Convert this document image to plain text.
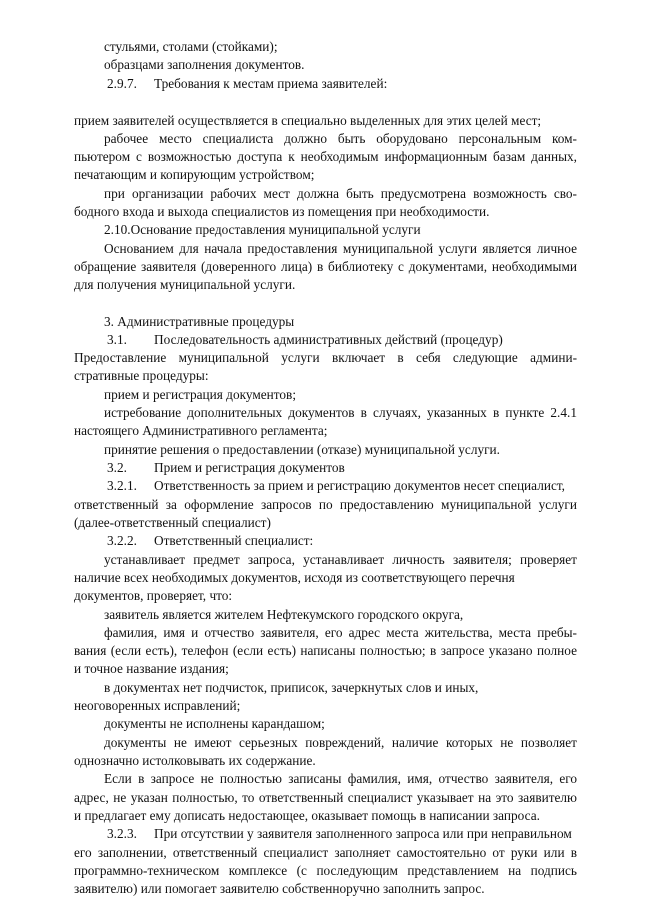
стульями, столами (стойками);
образцами заполнения документов.
2.9.7. Требования к местам приема заявителей:
прием заявителей осуществляется в специально выделенных для этих целей мест;
рабочее место специалиста должно быть оборудовано персональным ком-
пьютером с возможностью доступа к необходимым информационным базам данных,
печатающим и копирующим устройством;
при организации рабочих мест должна быть предусмотрена возможность сво-
бодного входа и выхода специалистов из помещения при необходимости.
2.10.Основание предоставления муниципальной услуги
Основанием для начала предоставления муниципальной услуги является личное
обращение заявителя (доверенного лица) в библиотеку с документами, необходимыми
для получения муниципальной услуги.
3. Административные процедуры
3.1. Последовательность административных действий (процедур)
Предоставление муниципальной услуги включает в себя следующие админи-
стративные процедуры:
прием и регистрация документов;
истребование дополнительных документов в случаях, указанных в пункте 2.4.1
настоящего Административного регламента;
принятие решения о предоставлении (отказе) муниципальной услуги.
3.2. Прием и регистрация документов
3.2.1. Ответственность за прием и регистрацию документов несет специалист,
ответственный за оформление запросов по предоставлению муниципальной услуги
(далее-ответственный специалист)
3.2.2. Ответственный специалист:
устанавливает предмет запроса, устанавливает личность заявителя; проверяет
наличие всех необходимых документов, исходя из соответствующего перечня
документов, проверяет, что:
заявитель является жителем Нефтекумского городского округа,
фамилия, имя и отчество заявителя, его адрес места жительства, места пребы-
вания (если есть), телефон (если есть) написаны полностью; в запросе указано полное
и точное название издания;
в документах нет подчисток, приписок, зачеркнутых слов и иных,
неоговоренных исправлений;
документы не исполнены карандашом;
документы не имеют серьезных повреждений, наличие которых не позволяет
однозначно истолковывать их содержание.
Если в запросе не полностью записаны фамилия, имя, отчество заявителя, его
адрес, не указан полностью, то ответственный специалист указывает на это заявителю
и предлагает ему дописать недостающее, оказывает помощь в написании запроса.
3.2.3. При отсутствии у заявителя заполненного запроса или при неправильном
его заполнении, ответственный специалист заполняет самостоятельно от руки или в
программно-техническом комплексе (с последующим представлением на подпись
заявителю) или помогает заявителю собственноручно заполнить запрос.
